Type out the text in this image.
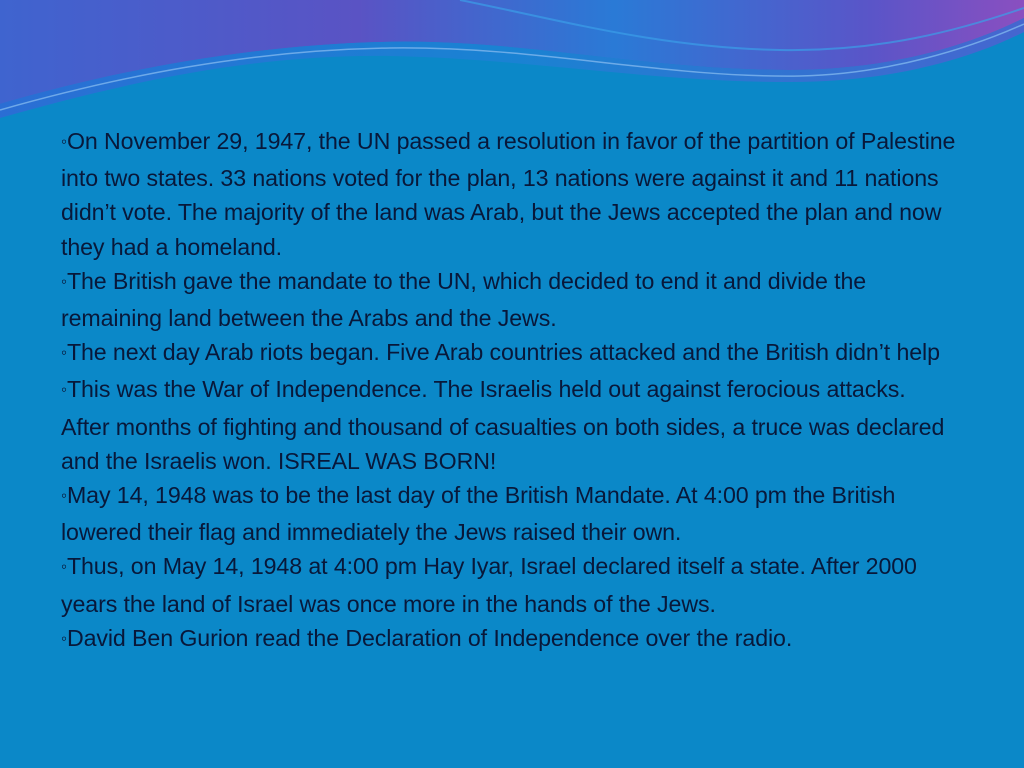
◦On November 29, 1947, the UN passed a resolution in favor of the partition of Palestine into two states. 33 nations voted for the plan, 13 nations were against it and 11 nations didn’t vote. The majority of the land was Arab, but the Jews accepted the plan and now they had a homeland.

◦The British gave the mandate to the UN, which decided to end it and divide the remaining land between the Arabs and the Jews.

◦The next day Arab riots began. Five Arab countries attacked and the British didn’t help

◦This was the War of Independence. The Israelis held out against ferocious attacks. After months of fighting and thousand of casualties on both sides, a truce was declared and the Israelis won. ISREAL WAS BORN!

◦May 14, 1948 was to be the last day of the British Mandate. At 4:00 pm the British lowered their flag and immediately the Jews raised their own.

◦Thus, on May 14, 1948 at 4:00 pm Hay Iyar, Israel declared itself a state. After 2000 years the land of Israel was once more in the hands of the Jews.

◦David Ben Gurion read the Declaration of Independence over the radio.
